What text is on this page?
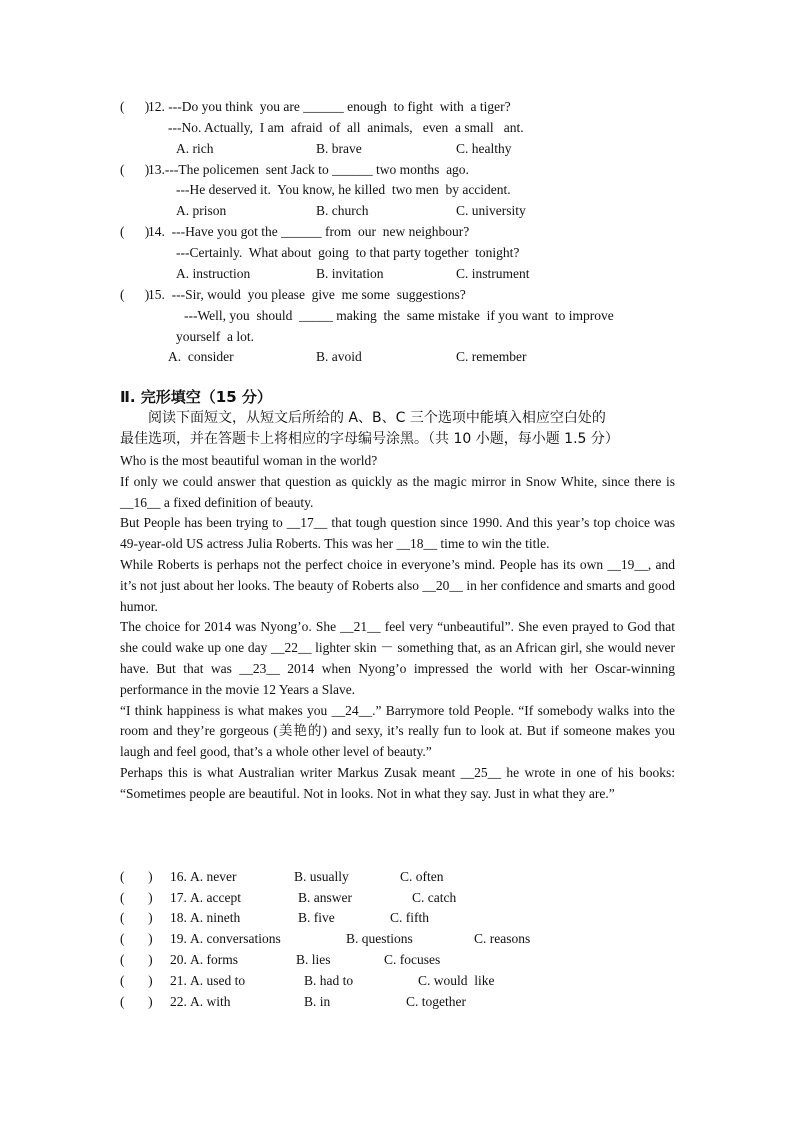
(      )
12. ---Do you think  you are ______ enough  to fight  with  a tiger?
---No. Actually,  I am  afraid  of  all  animals,   even  a small   ant.
A. rich	B. brave	C. healthy
(      )
13.---The policemen  sent Jack to ______ two months  ago.
---He deserved it.  You know, he killed  two men  by accident.
A. prison	B. church	C. university
(      )
14.  ---Have you got the ______ from  our  new neighbour?
---Certainly.  What about  going  to that party together  tonight?
A. instruction	B. invitation	C. instrument
(      )
15.  ---Sir, would  you please  give  me some  suggestions?
---Well, you  should  _____ making  the  same mistake  if you want  to improve
yourself  a lot.
A.  consider	B. avoid	C. remember
Ⅱ. 完形填空（15 分）
阅读下面短文，从短文后所给的 A、B、C 三个选项中能填入相应空白处的
最佳选项，并在答题卡上将相应的字母编号涂黑。（共 10 小题，每小题 1.5 分）

Who is the most beautiful woman in the world?

If only we could answer that question as quickly as the magic mirror in Snow White, since there is __16__ a fixed definition of beauty.

But People has been trying to __17__ that tough question since 1990. And this year’s top choice was 49-year-old US actress Julia Roberts. This was her __18__ time to win the title.

While Roberts is perhaps not the perfect choice in everyone’s mind. People has its own __19__, and it’s not just about her looks. The beauty of Roberts also __20__ in her confidence and smarts and good humor.

The choice for 2014 was Nyong’o. She __21__ feel very “unbeautiful”. She even prayed to God that she could wake up one day __22__ lighter skin － something that, as an African girl, she would never have. But that was __23__ 2014 when Nyong’o impressed the world with her Oscar-winning performance in the movie 12 Years a Slave.

“I think happiness is what makes you __24__.” Barrymore told People. “If somebody walks into the room and they’re gorgeous (美艳的) and sexy, it’s really fun to look at. But if someone makes you laugh and feel good, that’s a whole other level of beauty.”

Perhaps this is what Australian writer Markus Zusak meant __25__ he wrote in one of his books: “Sometimes people are beautiful. Not in looks. Not in what they say. Just in what they are.”

(       ) 16. A. never	B. usually	C. often
(       ) 17. A. accept	B. answer	C. catch
(       ) 18. A. nineth	B. five	C. fifth
(       ) 19. A. conversations	B. questions	C. reasons
(       ) 20. A. forms	B. lies	C. focuses
(       ) 21. A. used to	B. had to	C. would  like
(       ) 22. A. with	B. in	C. together
